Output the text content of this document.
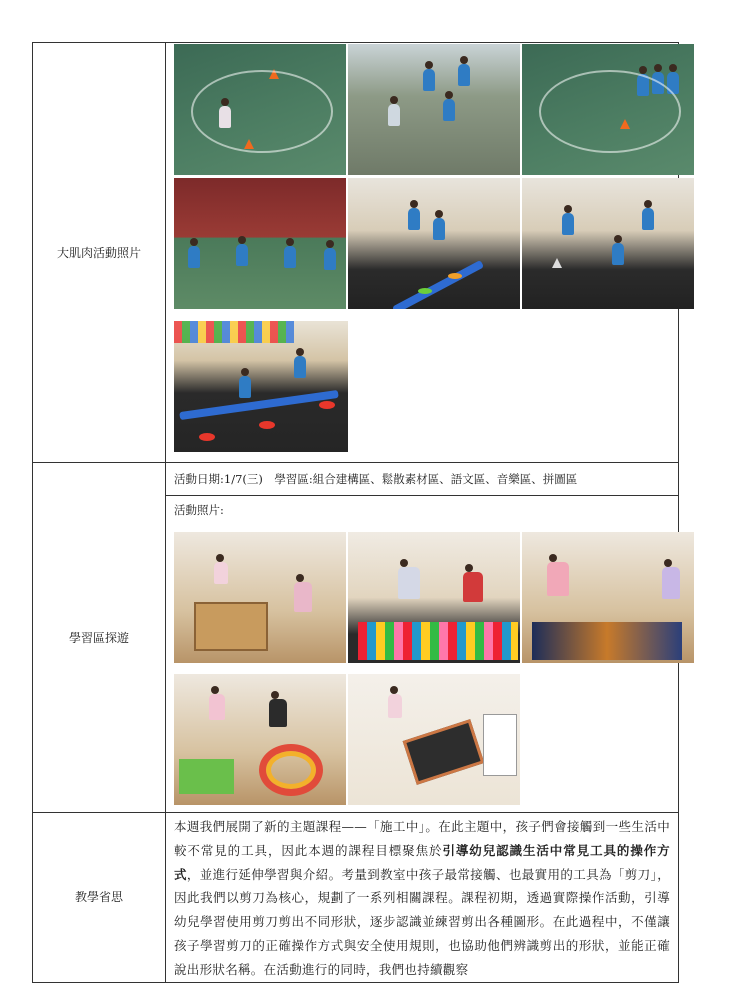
大肌肉活動照片	

學習區探遊	活動日期:1/7(三)　學習區:組合建構區、鬆散素材區、語文區、音樂區、拼圖區

	活動照片:

教學省思	本週我們展開了新的主題課程——「施工中」。在此主題中，孩子們會接觸到一些生活中較不常見的工具，因此本週的課程目標聚焦於引導幼兒認識生活中常見工具的操作方式，並進行延伸學習與介紹。考量到教室中孩子最常接觸、也最實用的工具為「剪刀」，因此我們以剪刀為核心，規劃了一系列相關課程。課程初期，透過實際操作活動，引導幼兒學習使用剪刀剪出不同形狀，逐步認識並練習剪出各種圖形。在此過程中，不僅讓孩子學習剪刀的正確操作方式與安全使用規則，也協助他們辨識剪出的形狀，並能正確說出形狀名稱。在活動進行的同時，我們也持續觀察
